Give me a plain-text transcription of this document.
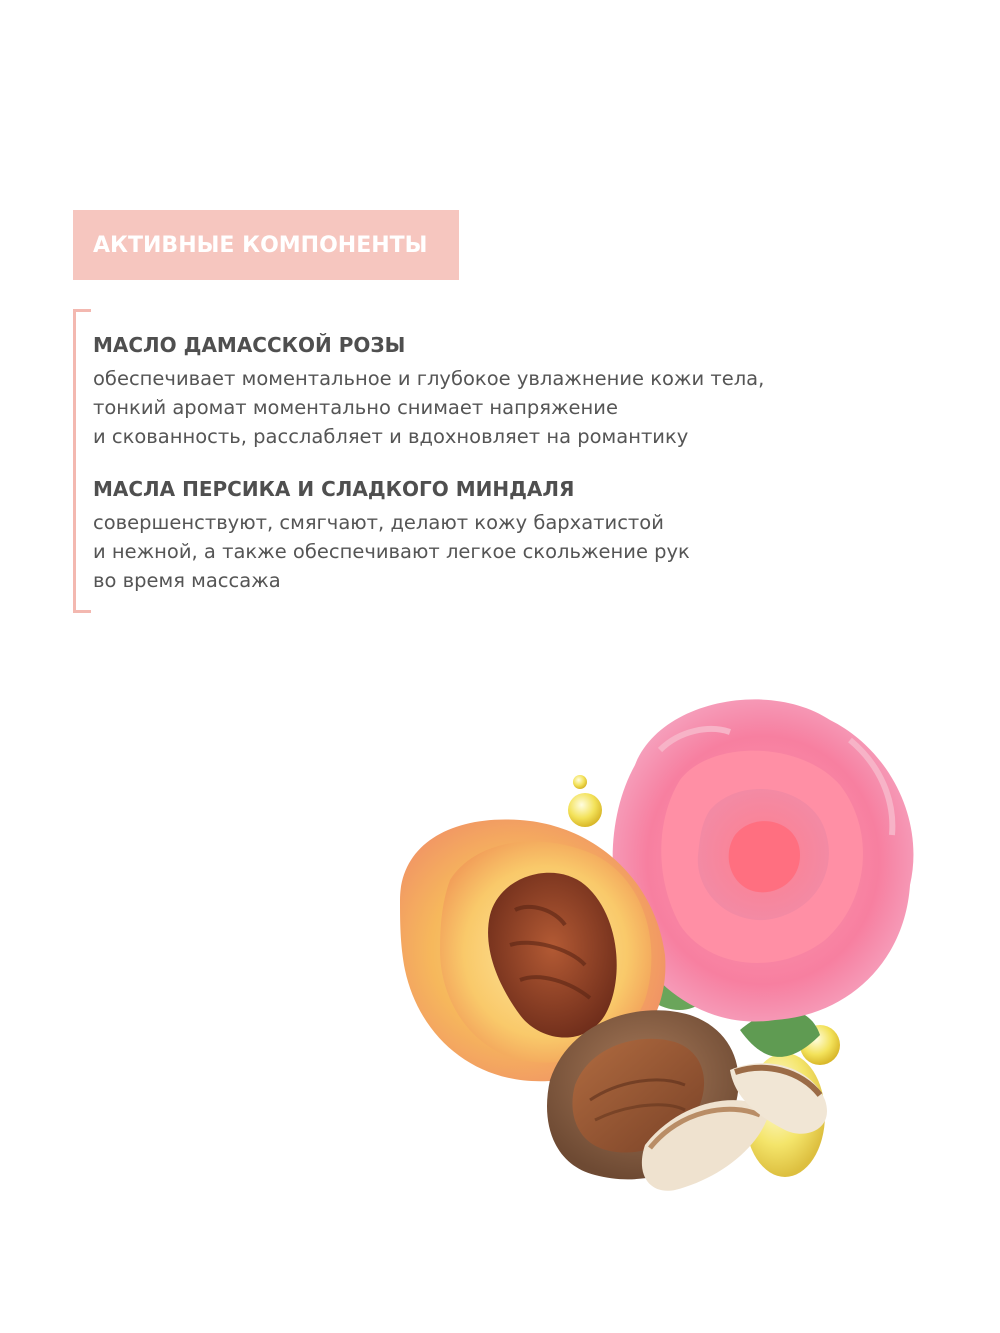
АКТИВНЫЕ КОМПОНЕНТЫ

МАСЛО ДАМАССКОЙ РОЗЫ

обеспечивает моментальное и глубокое увлажнение кожи тела,
тонкий аромат моментально снимает напряжение
и скованность, расслабляет и вдохновляет на романтику

МАСЛА ПЕРСИКА И СЛАДКОГО МИНДАЛЯ

совершенствуют, смягчают, делают кожу бархатистой
и нежной, а также обеспечивают легкое скольжение рук
во время массажа
